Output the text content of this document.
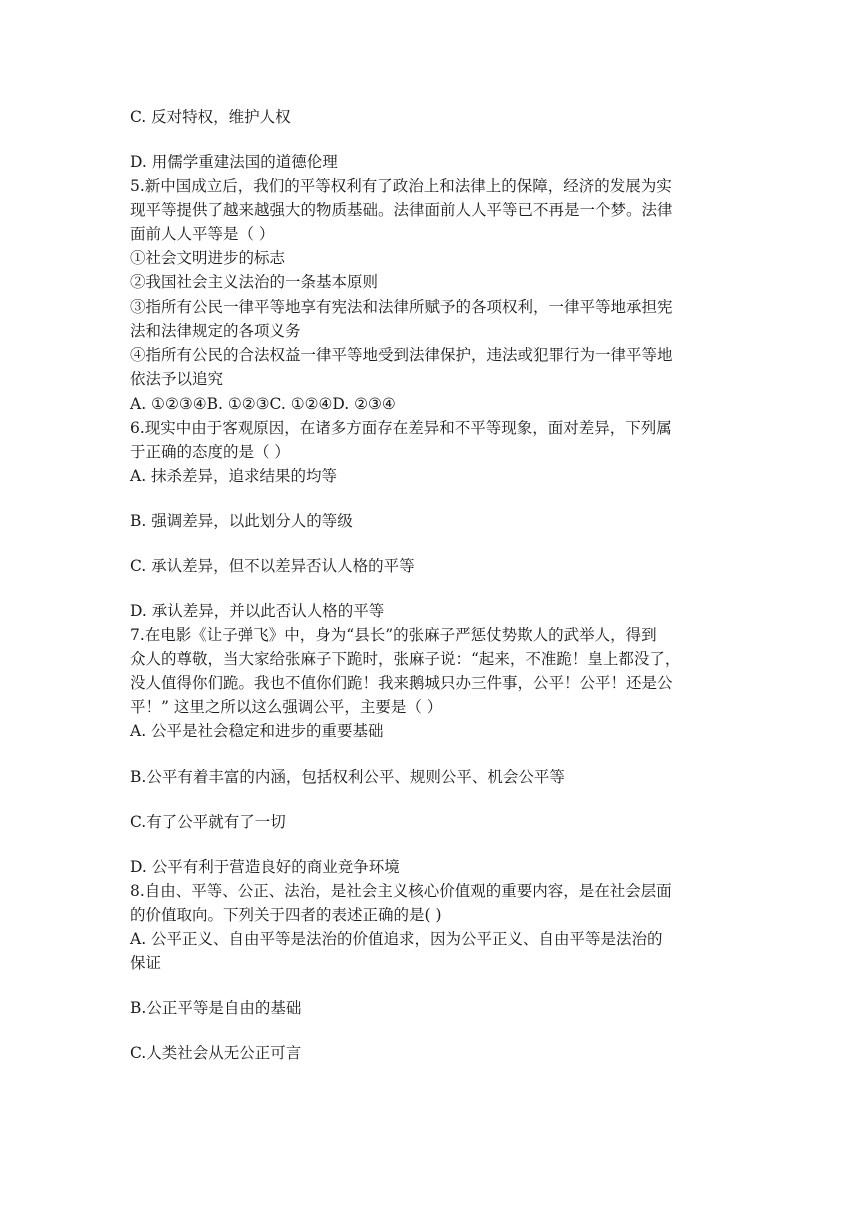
C. 反对特权，维护人权
D. 用儒学重建法国的道德伦理
5.新中国成立后，我们的平等权利有了政治上和法律上的保障，经济的发展为实
现平等提供了越来越强大的物质基础。法律面前人人平等已不再是一个梦。法律
面前人人平等是（ ）
①社会文明进步的标志
②我国社会主义法治的一条基本原则
③指所有公民一律平等地享有宪法和法律所赋予的各项权利，一律平等地承担宪
法和法律规定的各项义务
④指所有公民的合法权益一律平等地受到法律保护，违法或犯罪行为一律平等地
依法予以追究
A. ①②③④B. ①②③C. ①②④D. ②③④
6.现实中由于客观原因，在诸多方面存在差异和不平等现象，面对差异，下列属
于正确的态度的是（ ）
A. 抹杀差异，追求结果的均等
B. 强调差异，以此划分人的等级
C. 承认差异，但不以差异否认人格的平等
D. 承认差异，并以此否认人格的平等
7.在电影《让子弹飞》中，身为“县长”的张麻子严惩仗势欺人的武举人，得到
众人的尊敬，当大家给张麻子下跪时，张麻子说：“起来，不准跪！皇上都没了，
没人值得你们跪。我也不值你们跪！我来鹅城只办三件事，公平！公平！还是公
平！” 这里之所以这么强调公平，主要是（ ）
A. 公平是社会稳定和进步的重要基础
B.公平有着丰富的内涵，包括权利公平、规则公平、机会公平等
C.有了公平就有了一切
D. 公平有利于营造良好的商业竞争环境
8.自由、平等、公正、法治，是社会主义核心价值观的重要内容，是在社会层面
的价值取向。下列关于四者的表述正确的是( )
A. 公平正义、自由平等是法治的价值追求，因为公平正义、自由平等是法治的
保证
B.公正平等是自由的基础
C.人类社会从无公正可言
